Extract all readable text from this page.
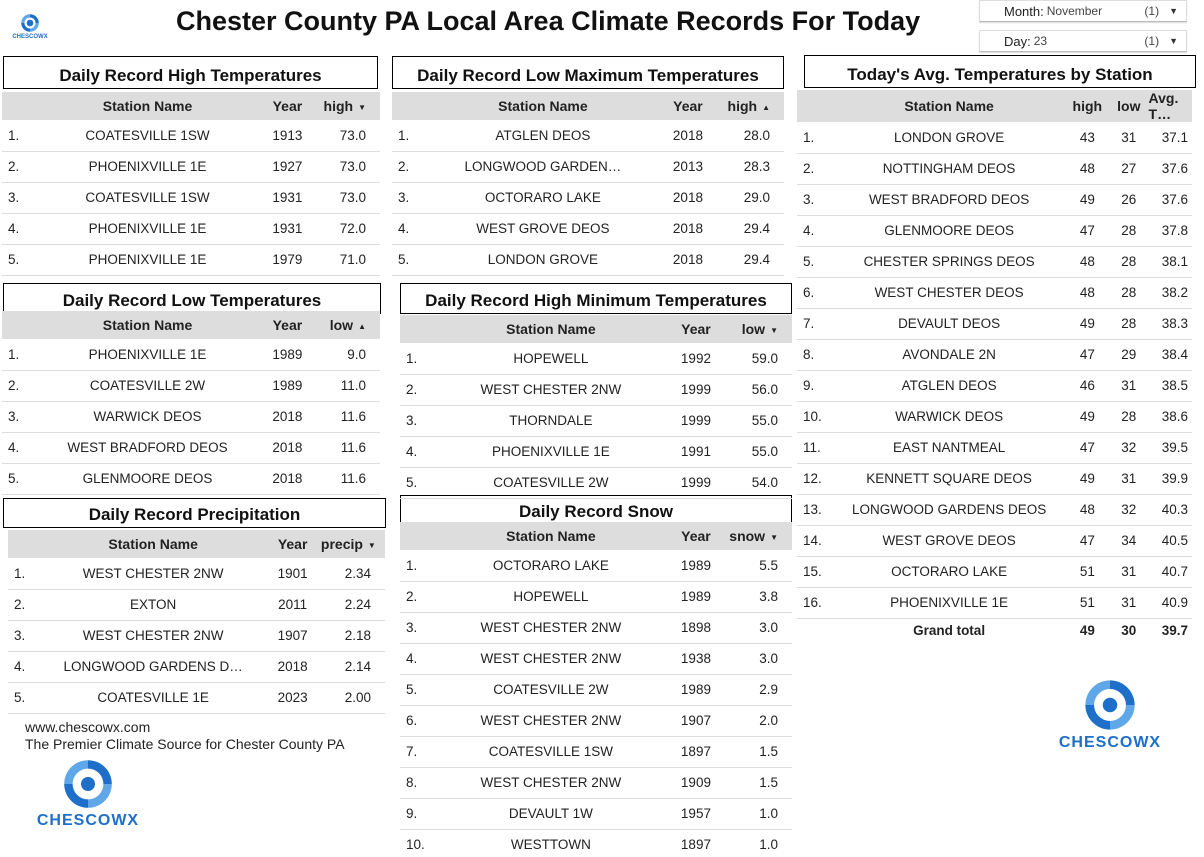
CHESCOWX
Chester County PA Local Area Climate Records For Today	Month: November	(1) ▼
Day: 23	(1) ▼
Daily Record High Temperatures	Daily Record Low Maximum Temperatures	Today's Avg. Temperatures by Station
Daily Record Low Temperatures	Daily Record High Minimum Temperatures
Daily Record Precipitation	Daily Record Snow
	Station Name	Year	high ▼
1.	COATESVILLE 1SW	1913	73.0
2.	PHOENIXVILLE 1E	1927	73.0
3.	COATESVILLE 1SW	1931	73.0
4.	PHOENIXVILLE 1E	1931	72.0
5.	PHOENIXVILLE 1E	1979	71.0
	Station Name	Year	high ▲
1.	ATGLEN DEOS	2018	28.0
2.	LONGWOOD GARDEN…	2013	28.3
3.	OCTORARO LAKE	2018	29.0
4.	WEST GROVE DEOS	2018	29.4
5.	LONDON GROVE	2018	29.4
	Station Name	Year	low ▲
1.	PHOENIXVILLE 1E	1989	9.0
2.	COATESVILLE 2W	1989	11.0
3.	WARWICK DEOS	2018	11.6
4.	WEST BRADFORD DEOS	2018	11.6
5.	GLENMOORE DEOS	2018	11.6
	Station Name	Year	low ▼
1.	HOPEWELL	1992	59.0
2.	WEST CHESTER 2NW	1999	56.0
3.	THORNDALE	1999	55.0
4.	PHOENIXVILLE 1E	1991	55.0
5.	COATESVILLE 2W	1999	54.0
	Station Name	Year	precip ▼
1.	WEST CHESTER 2NW	1901	2.34
2.	EXTON	2011	2.24
3.	WEST CHESTER 2NW	1907	2.18
4.	LONGWOOD GARDENS D…	2018	2.14
5.	COATESVILLE 1E	2023	2.00
	Station Name	Year	snow ▼
1.	OCTORARO LAKE	1989	5.5
2.	HOPEWELL	1989	3.8
3.	WEST CHESTER 2NW	1898	3.0
4.	WEST CHESTER 2NW	1938	3.0
5.	COATESVILLE 2W	1989	2.9
6.	WEST CHESTER 2NW	1907	2.0
7.	COATESVILLE 1SW	1897	1.5
8.	WEST CHESTER 2NW	1909	1.5
9.	DEVAULT 1W	1957	1.0
10.	WESTTOWN	1897	1.0
	Station Name	high	low	Avg. T…
1.	LONDON GROVE	43	31	37.1
2.	NOTTINGHAM DEOS	48	27	37.6
3.	WEST BRADFORD DEOS	49	26	37.6
4.	GLENMOORE DEOS	47	28	37.8
5.	CHESTER SPRINGS DEOS	48	28	38.1
6.	WEST CHESTER DEOS	48	28	38.2
7.	DEVAULT DEOS	49	28	38.3
8.	AVONDALE 2N	47	29	38.4
9.	ATGLEN DEOS	46	31	38.5
10.	WARWICK DEOS	49	28	38.6
11.	EAST NANTMEAL	47	32	39.5
12.	KENNETT SQUARE DEOS	49	31	39.9
13.	LONGWOOD GARDENS DEOS	48	32	40.3
14.	WEST GROVE DEOS	47	34	40.5
15.	OCTORARO LAKE	51	31	40.7
16.	PHOENIXVILLE 1E	51	31	40.9
	Grand total	49	30	39.7
www.chescowx.com
The Premier Climate Source for Chester County PA
CHESCOWX
CHESCOWX
